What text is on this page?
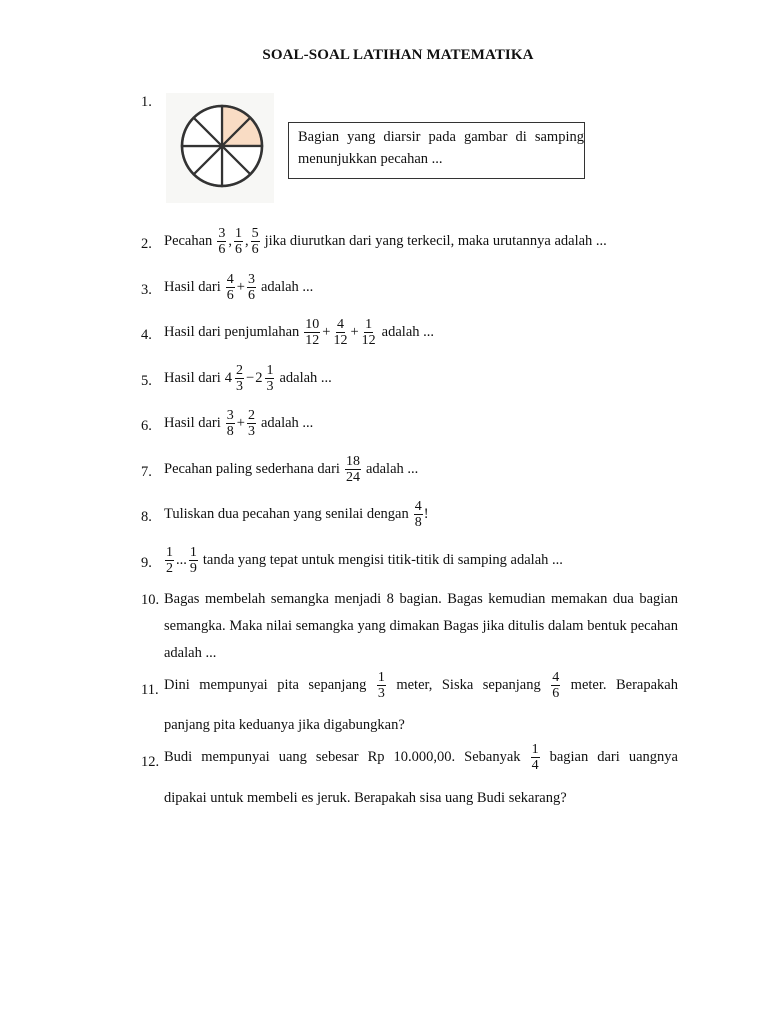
SOAL-SOAL LATIHAN MATEMATIKA
1.
Bagian yang diarsir pada gambar di samping menunjukkan pecahan ...
2. Pecahan $\frac{3}{6}$ , $\frac{1}{6}$ , $\frac{5}{6}$ jika diurutkan dari yang terkecil, maka urutannya adalah ...
3. Hasil dari $\frac{4}{6} + \frac{3}{6}$ adalah ...
4. Hasil dari penjumlahan $\frac{10}{12} + \frac{4}{12} + \frac{1}{12}$ adalah ...
5. Hasil dari $4 \frac{2}{3} - 2 \frac{1}{3}$ adalah ...
6. Hasil dari $\frac{3}{8} + \frac{2}{3}$ adalah ...
7. Pecahan paling sederhana dari $\frac{18}{24}$ adalah ...
8. Tuliskan dua pecahan yang senilai dengan $\frac{4}{8}$ !
9. $\frac{1}{2}$ ... $\frac{1}{9}$ tanda yang tepat untuk mengisi titik-titik di samping adalah ...
10. Bagas membelah semangka menjadi 8 bagian. Bagas kemudian memakan dua bagian semangka. Maka nilai semangka yang dimakan Bagas jika ditulis dalam bentuk pecahan adalah ...
11. Dini mempunyai pita sepanjang $\frac{1}{3}$ meter, Siska sepanjang $\frac{4}{6}$ meter. Berapakah
panjang pita keduanya jika digabungkan?
12. Budi mempunyai uang sebesar Rp 10.000,00. Sebanyak $\frac{1}{4}$ bagian dari uangnya
dipakai untuk membeli es jeruk. Berapakah sisa uang Budi sekarang?
